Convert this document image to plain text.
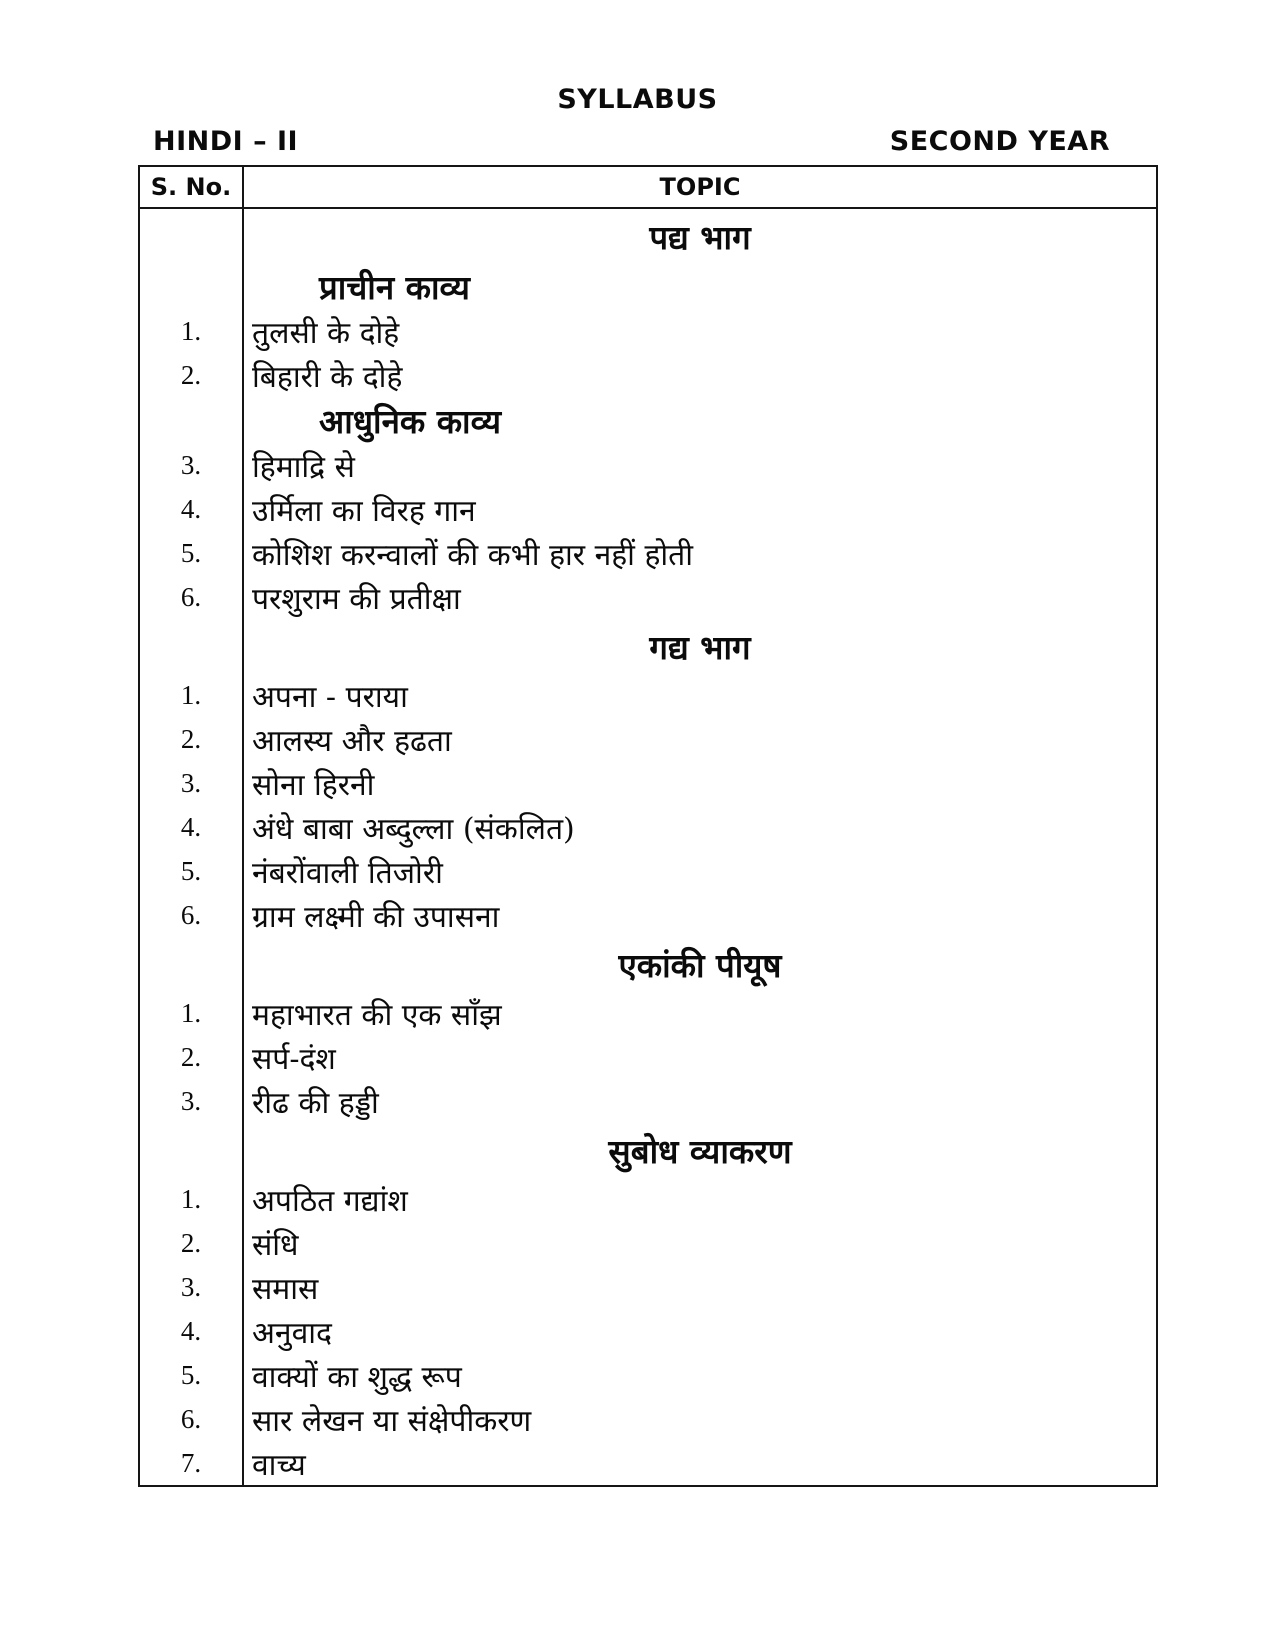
SYLLABUS
HINDI – II	SECOND YEAR
S. No.	TOPIC
पद्य भाग
प्राचीन काव्य
1.	तुलसी के दोहे
2.	बिहारी के दोहे
आधुनिक काव्य
3.	हिमाद्रि से
4.	उर्मिला का विरह गान
5.	कोशिश करन्वालों की कभी हार नहीं होती
6.	परशुराम की प्रतीक्षा
गद्य भाग
1.	अपना - पराया
2.	आलस्य और हढता
3.	सोना हिरनी
4.	अंधे बाबा अब्दुल्ला (संकलित)
5.	नंबरोंवाली तिजोरी
6.	ग्राम लक्ष्मी की उपासना
एकांकी पीयूष
1.	महाभारत की एक साँझ
2.	सर्प-दंश
3.	रीढ की हड्डी
सुबोध व्याकरण
1.	अपठित गद्यांश
2.	संधि
3.	समास
4.	अनुवाद
5.	वाक्यों का शुद्ध रूप
6.	सार लेखन या संक्षेपीकरण
7.	वाच्य
